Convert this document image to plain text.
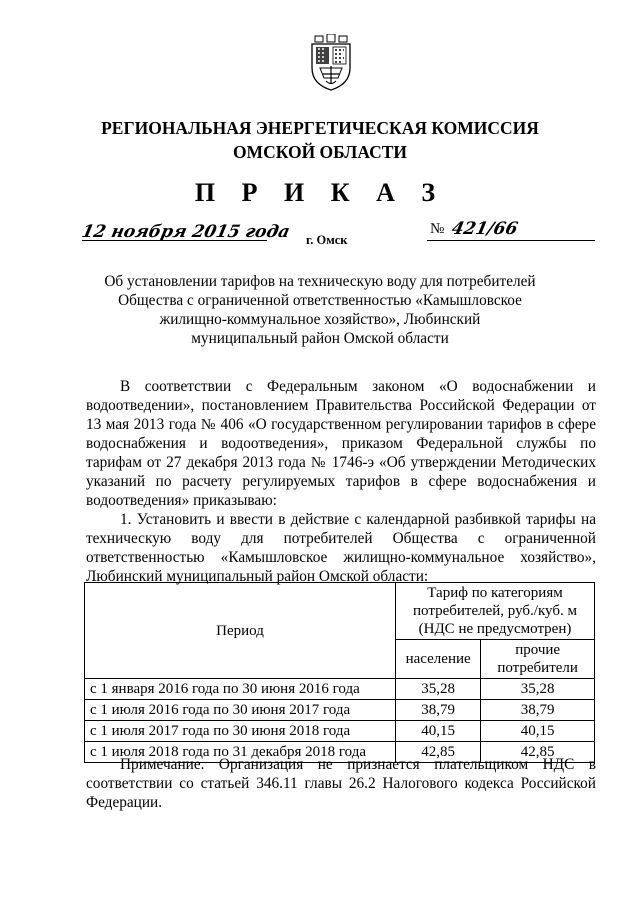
РЕГИОНАЛЬНАЯ ЭНЕРГЕТИЧЕСКАЯ КОМИССИЯ
ОМСКОЙ ОБЛАСТИ
П Р И К А З
12 ноября 2015 года г. Омск
№ 421/66
Об установлении тарифов на техническую воду для потребителей
Общества с ограниченной ответственностью «Камышловское
жилищно-коммунальное хозяйство», Любинский
муниципальный район Омской области

В соответствии с Федеральным законом «О водоснабжении и водоотведении», постановлением Правительства Российской Федерации от 13 мая 2013 года № 406 «О государственном регулировании тарифов в сфере водоснабжения и водоотведения», приказом Федеральной службы по тарифам от 27 декабря 2013 года № 1746-э «Об утверждении Методических указаний по расчету регулируемых тарифов в сфере водоснабжения и водоотведения» приказываю:

1. Установить и ввести в действие с календарной разбивкой тарифы на техническую воду для потребителей Общества с ограниченной ответственностью «Камышловское жилищно-коммунальное хозяйство», Любинский муниципальный район Омской области:

Период	Тариф по категориям потребителей, руб./куб. м (НДС не предусмотрен)	
	население	прочие потребители
с 1 января 2016 года по 30 июня 2016 года	35,28	35,28
с 1 июля 2016 года по 30 июня 2017 года	38,79	38,79
с 1 июля 2017 года по 30 июня 2018 года	40,15	40,15
с 1 июля 2018 года по 31 декабря 2018 года	42,85	42,85

Примечание. Организация не признается плательщиком НДС в соответствии со статьей 346.11 главы 26.2 Налогового кодекса Российской Федерации.
